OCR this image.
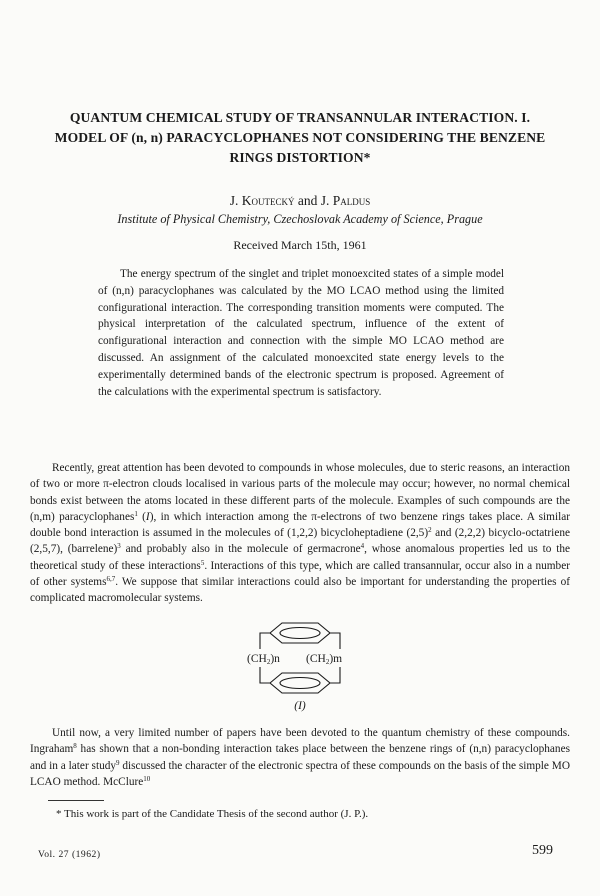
QUANTUM CHEMICAL STUDY OF TRANSANNULAR INTERACTION. I.
MODEL OF (n, n) PARACYCLOPHANES NOT CONSIDERING THE BENZENE
RINGS DISTORTION*
J. Koutecký and J. Paldus
Institute of Physical Chemistry, Czechoslovak Academy of Science, Prague
Received March 15th, 1961

The energy spectrum of the singlet and triplet monoexcited states of a simple model of (n,n) paracyclophanes was calculated by the MO LCAO method using the limited configurational interaction. The corresponding transition moments were computed. The physical interpretation of the calculated spectrum, influence of the extent of configurational interaction and connection with the simple MO LCAO method are discussed. An assignment of the calculated monoexcited state energy levels to the experimentally determined bands of the electronic spectrum is proposed. Agreement of the calculations with the experimental spectrum is satisfactory.

Recently, great attention has been devoted to compounds in whose molecules, due to steric reasons, an interaction of two or more π-electron clouds localised in various parts of the molecule may occur; however, no normal chemical bonds exist between the atoms located in these different parts of the molecule. Examples of such compounds are the (n,m) paracyclophanes$^1$ (I), in which interaction among the π-electrons of two benzene rings takes place. A similar double bond interaction is assumed in the molecules of (1,2,2) bicycloheptadiene $(2,5)^2$ and (2,2,2) bicyclo-octatriene (2,5,7), (barrelene)$^3$ and probably also in the molecule of germacrone$^4$, whose anomalous properties led us to the theoretical study of these interactions$^5$. Interactions of this type, which are called transannular, occur also in a number of other systems$^{6,7}$. We suppose that similar interactions could also be important for understanding the properties of complicated macromolecular systems.

$(CH_2)n$ $(CH_2)m$
(I)

Until now, a very limited number of papers have been devoted to the quantum chemistry of these compounds. Ingraham$^8$ has shown that a non-bonding interaction takes place between the benzene rings of (n,n) paracyclophanes and in a later study$^9$ discussed the character of the electronic spectra of these compounds on the basis of the simple MO LCAO method. McClure$^{10}$

* This work is part of the Candidate Thesis of the second author (J. P.).
Vol. 27 (1962)	599
